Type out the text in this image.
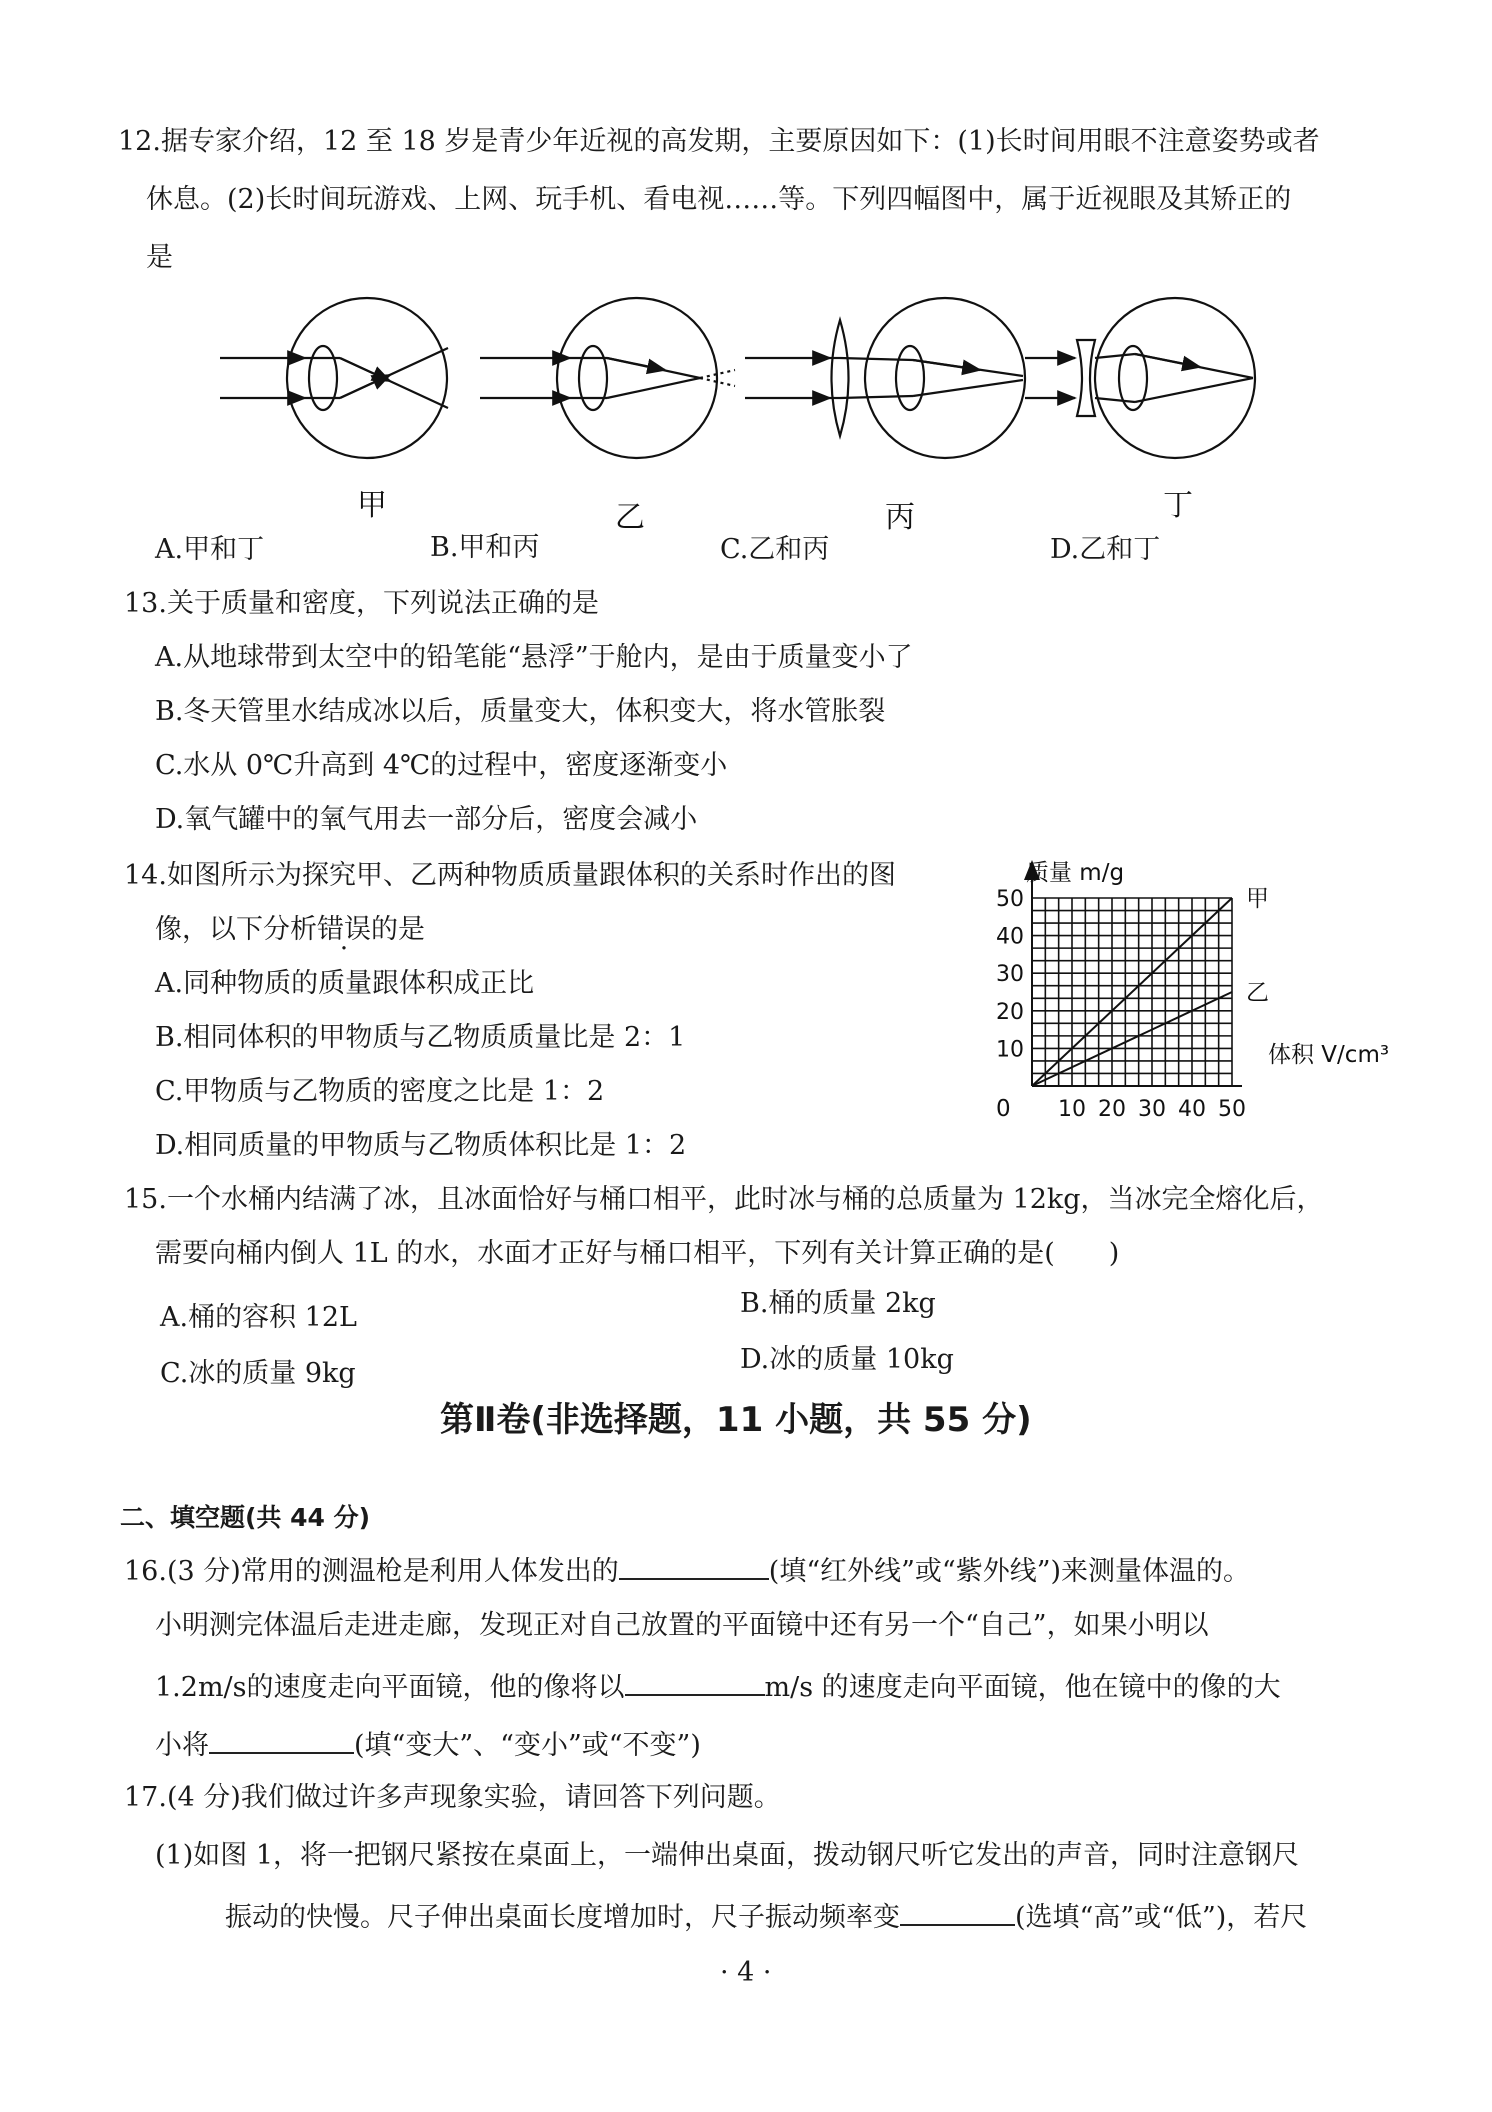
12.据专家介绍，12 至 18 岁是青少年近视的高发期，主要原因如下：(1)长时间用眼不注意姿势或者
休息。(2)长时间玩游戏、上网、玩手机、看电视……等。下列四幅图中，属于近视眼及其矫正的
是
甲	乙	丙	丁
A.甲和丁	B.甲和丙	C.乙和丙	D.乙和丁
13.关于质量和密度，下列说法正确的是
A.从地球带到太空中的铅笔能“悬浮”于舱内，是由于质量变小了
B.冬天管里水结成冰以后，质量变大，体积变大，将水管胀裂
C.水从 0℃升高到 4℃的过程中，密度逐渐变小
D.氧气罐中的氧气用去一部分后，密度会减小
14.如图所示为探究甲、乙两种物质质量跟体积的关系时作出的图
像，以下分析错误的是
A.同种物质的质量跟体积成正比
B.相同体积的甲物质与乙物质质量比是 2：1
C.甲物质与乙物质的密度之比是 1：2
D.相同质量的甲物质与乙物质体积比是 1：2
10 20 30 40 50
10
20
30
40
50	甲
乙
质量 m/g
体积 V/cm³
0
15.一个水桶内结满了冰，且冰面恰好与桶口相平，此时冰与桶的总质量为 12kg，当冰完全熔化后，
需要向桶内倒人 1L 的水，水面才正好与桶口相平，下列有关计算正确的是(　　)
A.桶的容积 12L	B.桶的质量 2kg
C.冰的质量 9kg	D.冰的质量 10kg
第Ⅱ卷(非选择题，11 小题，共 55 分)
二、填空题(共 44 分)
16.(3 分)常用的测温枪是利用人体发出的	(填“红外线”或“紫外线”)来测量体温的。
小明测完体温后走进走廊，发现正对自己放置的平面镜中还有另一个“自己”，如果小明以
1.2m/s的速度走向平面镜，他的像将以	m/s 的速度走向平面镜，他在镜中的像的大
小将	(填“变大”、“变小”或“不变”)
17.(4 分)我们做过许多声现象实验，请回答下列问题。
(1)如图 1，将一把钢尺紧按在桌面上，一端伸出桌面，拨动钢尺听它发出的声音，同时注意钢尺
振动的快慢。尺子伸出桌面长度增加时，尺子振动频率变	(选填“高”或“低”)，若尺
· 4 ·
